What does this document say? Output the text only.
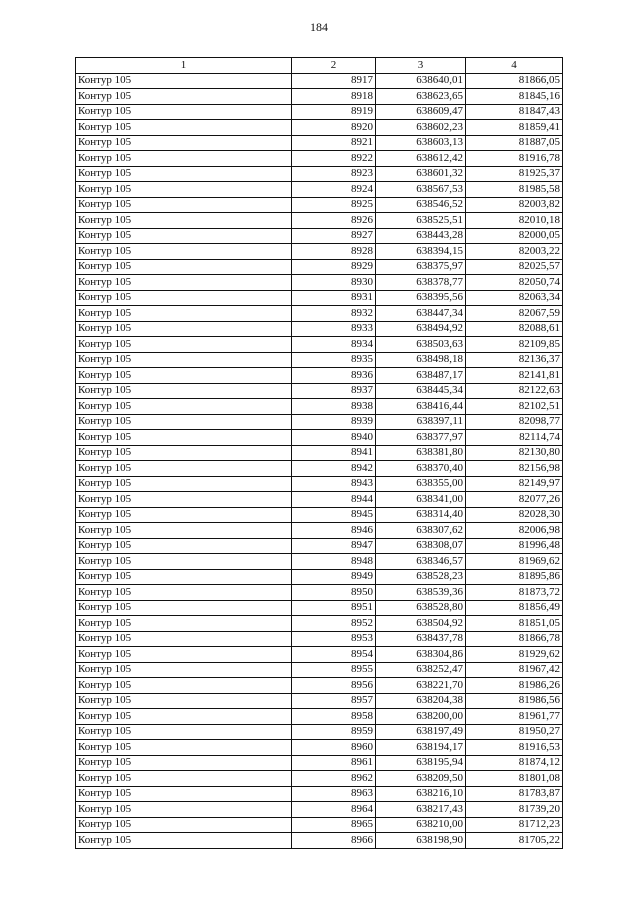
184
1	2	3	4
Контур 105	8917	638640,01	81866,05
Контур 105	8918	638623,65	81845,16
Контур 105	8919	638609,47	81847,43
Контур 105	8920	638602,23	81859,41
Контур 105	8921	638603,13	81887,05
Контур 105	8922	638612,42	81916,78
Контур 105	8923	638601,32	81925,37
Контур 105	8924	638567,53	81985,58
Контур 105	8925	638546,52	82003,82
Контур 105	8926	638525,51	82010,18
Контур 105	8927	638443,28	82000,05
Контур 105	8928	638394,15	82003,22
Контур 105	8929	638375,97	82025,57
Контур 105	8930	638378,77	82050,74
Контур 105	8931	638395,56	82063,34
Контур 105	8932	638447,34	82067,59
Контур 105	8933	638494,92	82088,61
Контур 105	8934	638503,63	82109,85
Контур 105	8935	638498,18	82136,37
Контур 105	8936	638487,17	82141,81
Контур 105	8937	638445,34	82122,63
Контур 105	8938	638416,44	82102,51
Контур 105	8939	638397,11	82098,77
Контур 105	8940	638377,97	82114,74
Контур 105	8941	638381,80	82130,80
Контур 105	8942	638370,40	82156,98
Контур 105	8943	638355,00	82149,97
Контур 105	8944	638341,00	82077,26
Контур 105	8945	638314,40	82028,30
Контур 105	8946	638307,62	82006,98
Контур 105	8947	638308,07	81996,48
Контур 105	8948	638346,57	81969,62
Контур 105	8949	638528,23	81895,86
Контур 105	8950	638539,36	81873,72
Контур 105	8951	638528,80	81856,49
Контур 105	8952	638504,92	81851,05
Контур 105	8953	638437,78	81866,78
Контур 105	8954	638304,86	81929,62
Контур 105	8955	638252,47	81967,42
Контур 105	8956	638221,70	81986,26
Контур 105	8957	638204,38	81986,56
Контур 105	8958	638200,00	81961,77
Контур 105	8959	638197,49	81950,27
Контур 105	8960	638194,17	81916,53
Контур 105	8961	638195,94	81874,12
Контур 105	8962	638209,50	81801,08
Контур 105	8963	638216,10	81783,87
Контур 105	8964	638217,43	81739,20
Контур 105	8965	638210,00	81712,23
Контур 105	8966	638198,90	81705,22
